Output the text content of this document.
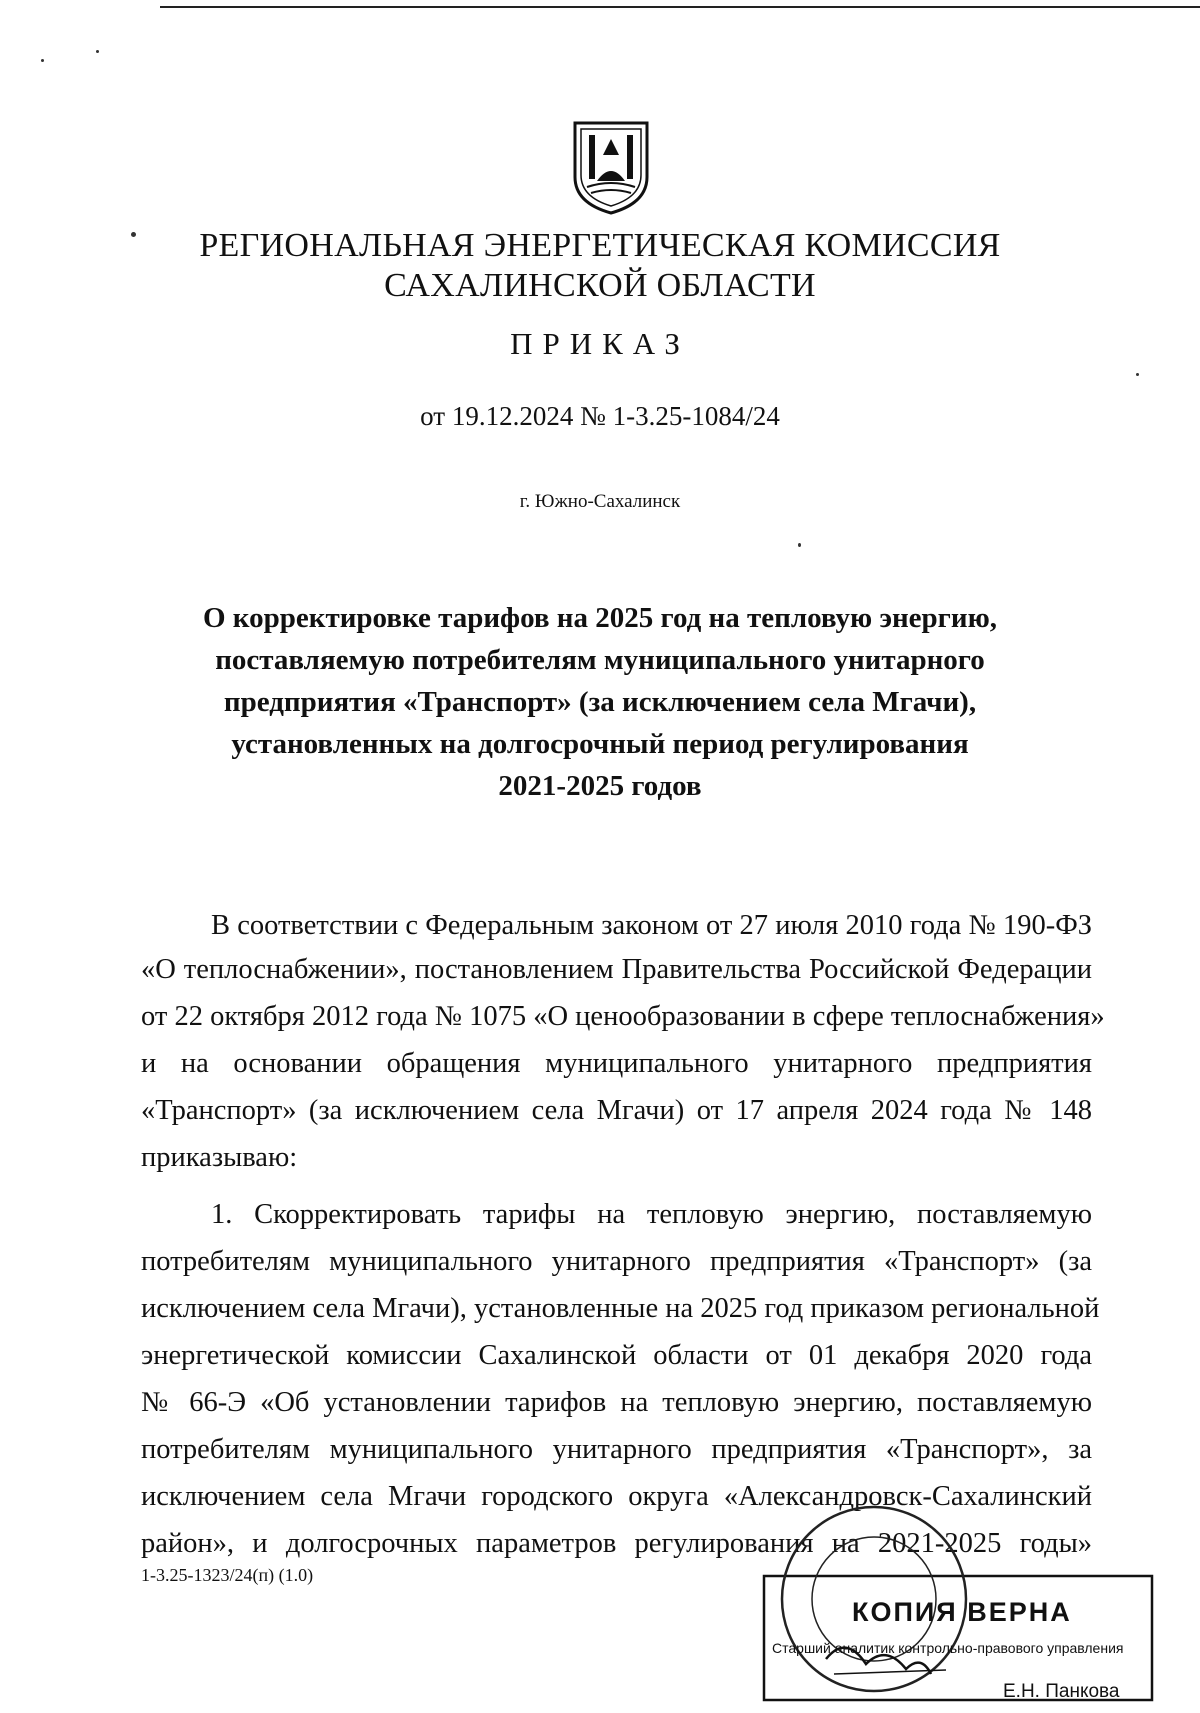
РЕГИОНАЛЬНАЯ ЭНЕРГЕТИЧЕСКАЯ КОМИССИЯ
САХАЛИНСКОЙ ОБЛАСТИ
ПРИКАЗ
от 19.12.2024 № 1-3.25-1084/24
г. Южно-Сахалинск
О корректировке тарифов на 2025 год на тепловую энергию,
поставляемую потребителям муниципального унитарного
предприятия «Транспорт» (за исключением села Мгачи),
установленных на долгосрочный период регулирования
2021-2025 годов
В соответствии с Федеральным законом от 27 июля 2010 года № 190-ФЗ
«О теплоснабжении», постановлением Правительства Российской Федерации
от 22 октября 2012 года № 1075 «О ценообразовании в сфере теплоснабжения»
и на основании обращения муниципального унитарного предприятия
«Транспорт» (за исключением села Мгачи) от 17 апреля 2024 года № 148
приказываю:
1. Скорректировать тарифы на тепловую энергию, поставляемую
потребителям муниципального унитарного предприятия «Транспорт» (за
исключением села Мгачи), установленные на 2025 год приказом региональной
энергетической комиссии Сахалинской области от 01 декабря 2020 года
№ 66-Э «Об установлении тарифов на тепловую энергию, поставляемую
потребителям муниципального унитарного предприятия «Транспорт», за
исключением села Мгачи городского округа «Александровск-Сахалинский
район», и долгосрочных параметров регулирования на 2021-2025 годы»
1-3.25-1323/24(п) (1.0)
КОПИЯ ВЕРНА
Старший аналитик контрольно-правового управления
Е.Н. Панкова
